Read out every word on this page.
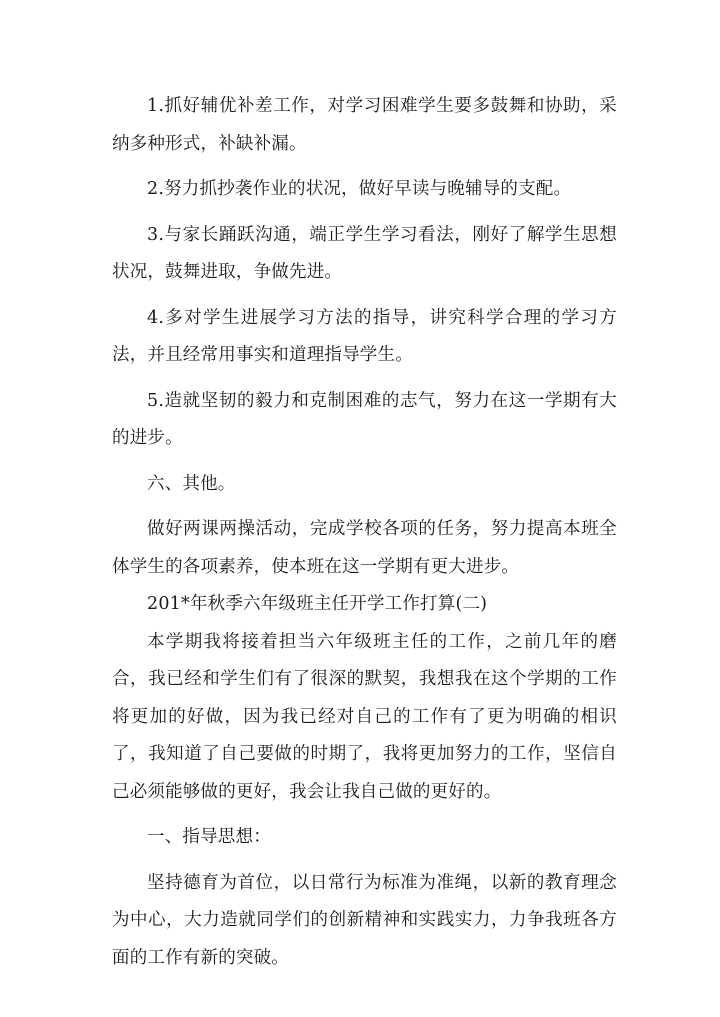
1.抓好辅优补差工作，对学习困难学生要多鼓舞和协助，采纳多种形式，补缺补漏。

2.努力抓抄袭作业的状况，做好早读与晚辅导的支配。

3.与家长踊跃沟通，端正学生学习看法，刚好了解学生思想状况，鼓舞进取，争做先进。

4.多对学生进展学习方法的指导，讲究科学合理的学习方法，并且经常用事实和道理指导学生。

5.造就坚韧的毅力和克制困难的志气，努力在这一学期有大的进步。

六、其他。

做好两课两操活动，完成学校各项的任务，努力提高本班全体学生的各项素养，使本班在这一学期有更大进步。

201*年秋季六年级班主任开学工作打算(二)

本学期我将接着担当六年级班主任的工作，之前几年的磨合，我已经和学生们有了很深的默契，我想我在这个学期的工作将更加的好做，因为我已经对自己的工作有了更为明确的相识了，我知道了自己要做的时期了，我将更加努力的工作，坚信自己必须能够做的更好，我会让我自己做的更好的。

一、指导思想：

坚持德育为首位，以日常行为标准为准绳，以新的教育理念为中心，大力造就同学们的创新精神和实践实力，力争我班各方面的工作有新的突破。
